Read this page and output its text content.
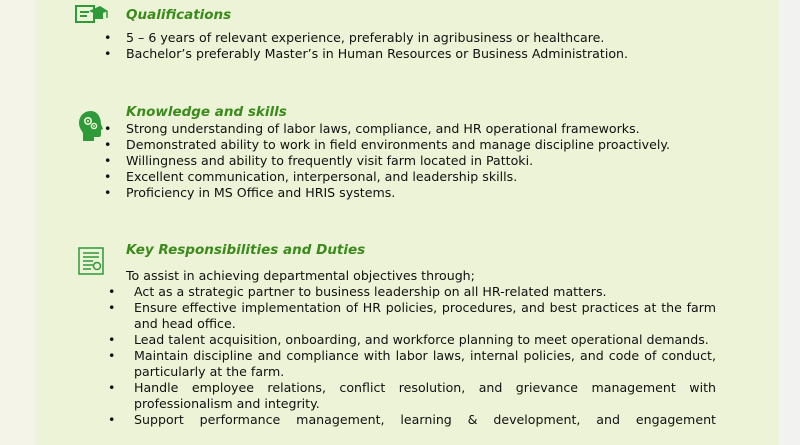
Qualifications
• 5 – 6 years of relevant experience, preferably in agribusiness or healthcare.
• Bachelor’s preferably Master’s in Human Resources or Business Administration.
Knowledge and skills
• Strong understanding of labor laws, compliance, and HR operational frameworks.
• Demonstrated ability to work in field environments and manage discipline proactively.
• Willingness and ability to frequently visit farm located in Pattoki.
• Excellent communication, interpersonal, and leadership skills.
• Proficiency in MS Office and HRIS systems.
Key Responsibilities and Duties
To assist in achieving departmental objectives through;
• Act as a strategic partner to business leadership on all HR-related matters.
• Ensure effective implementation of HR policies, procedures, and best practices at the farm and head office.
• Lead talent acquisition, onboarding, and workforce planning to meet operational demands.
• Maintain discipline and compliance with labor laws, internal policies, and code of conduct, particularly at the farm.
• Handle employee relations, conflict resolution, and grievance management with professionalism and integrity.
• Support performance management, learning & development, and engagement
